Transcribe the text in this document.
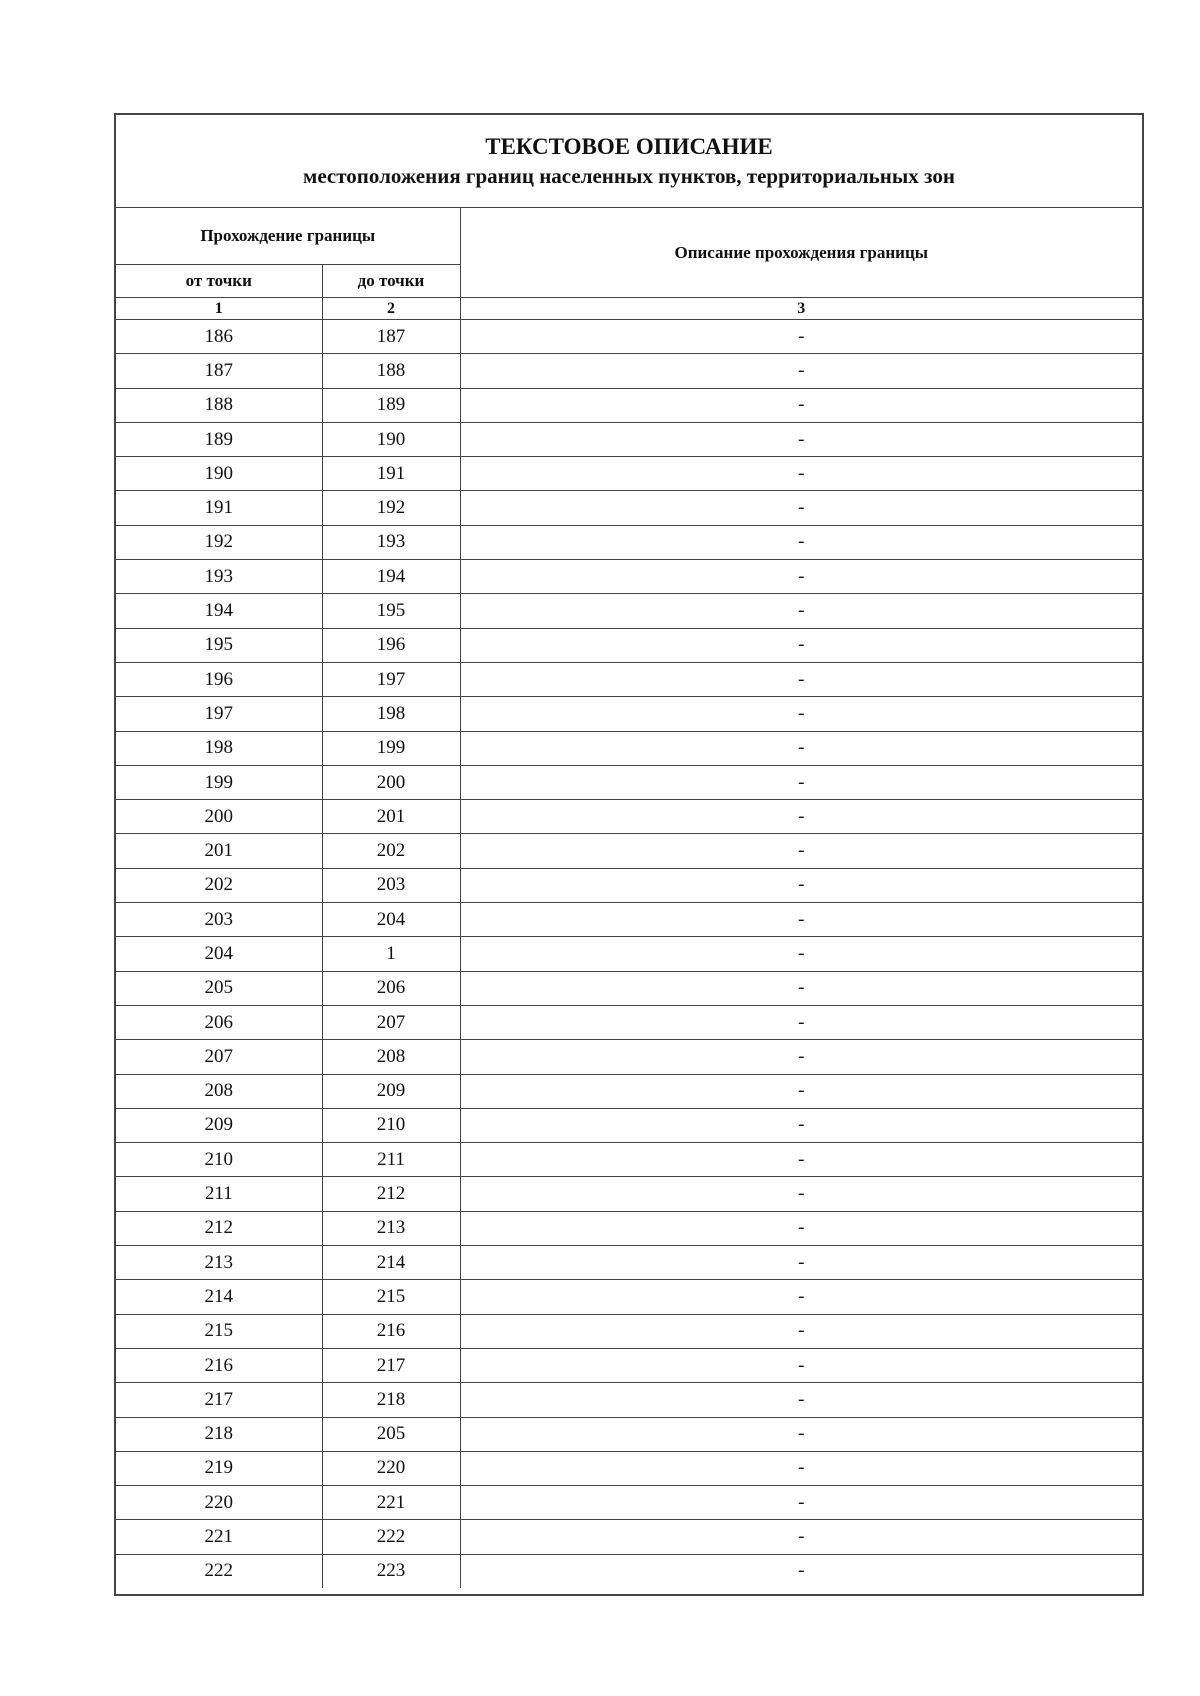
ТЕКСТОВОЕ ОПИСАНИЕ
местоположения границ населенных пунктов, территориальных зон
Прохождение границы		Описание прохождения границы
от точки	до точки	
1	2	3
186	187	-
187	188	-
188	189	-
189	190	-
190	191	-
191	192	-
192	193	-
193	194	-
194	195	-
195	196	-
196	197	-
197	198	-
198	199	-
199	200	-
200	201	-
201	202	-
202	203	-
203	204	-
204	1	-
205	206	-
206	207	-
207	208	-
208	209	-
209	210	-
210	211	-
211	212	-
212	213	-
213	214	-
214	215	-
215	216	-
216	217	-
217	218	-
218	205	-
219	220	-
220	221	-
221	222	-
222	223	-
